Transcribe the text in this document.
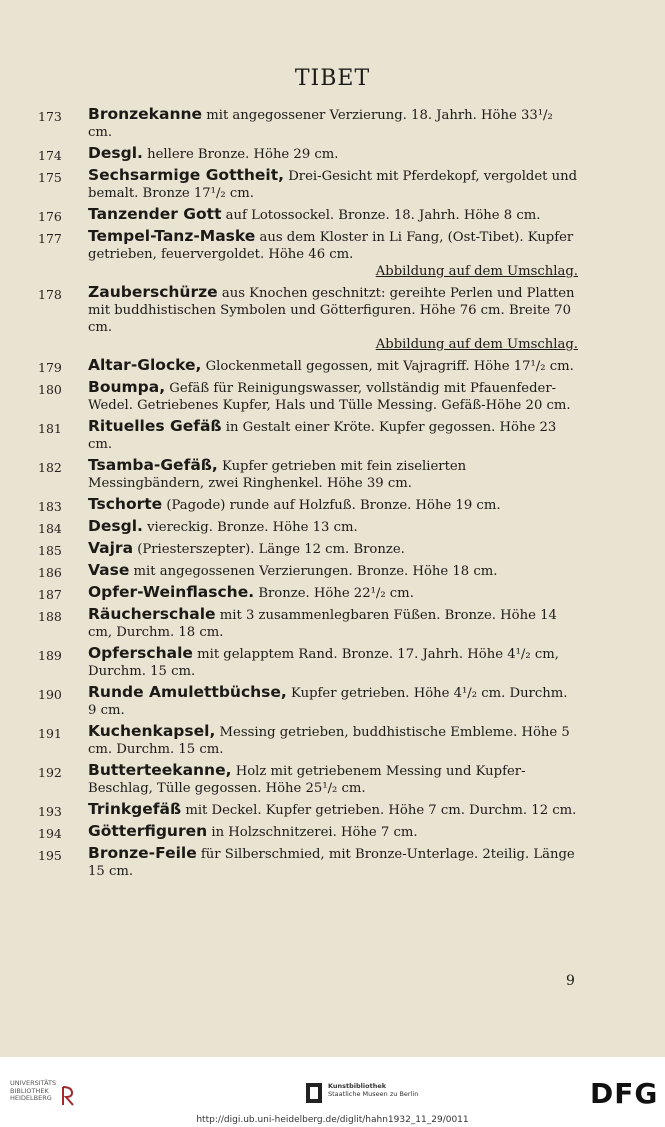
TIBET
173	Bronzekanne mit angegossener Verzierung. 18. Jahrh. Höhe 33¹/₂ cm.
174	Desgl. hellere Bronze. Höhe 29 cm.
175	Sechsarmige Gottheit, Drei-Gesicht mit Pferdekopf, vergoldet und bemalt. Bronze 17¹/₂ cm.
176	Tanzender Gott auf Lotossockel. Bronze. 18. Jahrh. Höhe 8 cm.
177	Tempel-Tanz-Maske aus dem Kloster in Li Fang, (Ost-Tibet). Kupfer getrieben, feuervergoldet. Höhe 46 cm.
Abbildung auf dem Umschlag.
178	Zauberschürze aus Knochen geschnitzt: gereihte Perlen und Platten mit buddhistischen Symbolen und Götterfiguren. Höhe 76 cm. Breite 70 cm.
Abbildung auf dem Umschlag.
179	Altar-Glocke, Glockenmetall gegossen, mit Vajragriff. Höhe 17¹/₂ cm.
180	Boumpa, Gefäß für Reinigungswasser, vollständig mit Pfauenfeder-Wedel. Getriebenes Kupfer, Hals und Tülle Messing. Gefäß-Höhe 20 cm.
181	Rituelles Gefäß in Gestalt einer Kröte. Kupfer gegossen. Höhe 23 cm.
182	Tsamba-Gefäß, Kupfer getrieben mit fein ziselierten Messingbändern, zwei Ringhenkel. Höhe 39 cm.
183	Tschorte (Pagode) runde auf Holzfuß. Bronze. Höhe 19 cm.
184	Desgl. viereckig. Bronze. Höhe 13 cm.
185	Vajra (Priesterszepter). Länge 12 cm. Bronze.
186	Vase mit angegossenen Verzierungen. Bronze. Höhe 18 cm.
187	Opfer-Weinflasche. Bronze. Höhe 22¹/₂ cm.
188	Räucherschale mit 3 zusammenlegbaren Füßen. Bronze. Höhe 14 cm, Durchm. 18 cm.
189	Opferschale mit gelapptem Rand. Bronze. 17. Jahrh. Höhe 4¹/₂ cm, Durchm. 15 cm.
190	Runde Amulettbüchse, Kupfer getrieben. Höhe 4¹/₂ cm. Durchm. 9 cm.
191	Kuchenkapsel, Messing getrieben, buddhistische Embleme. Höhe 5 cm. Durchm. 15 cm.
192	Butterteekanne, Holz mit getriebenem Messing und Kupfer-Beschlag, Tülle gegossen. Höhe 25¹/₂ cm.
193	Trinkgefäß mit Deckel. Kupfer getrieben. Höhe 7 cm. Durchm. 12 cm.
194	Götterfiguren in Holzschnitzerei. Höhe 7 cm.
195	Bronze-Feile für Silberschmied, mit Bronze-Unterlage. 2teilig. Länge 15 cm.
9
UNIVERSITÄTS BIBLIOTHEK HEIDELBERG
Kunstbibliothek
Staatliche Museen zu Berlin	DFG
http://digi.ub.uni-heidelberg.de/diglit/hahn1932_11_29/0011
